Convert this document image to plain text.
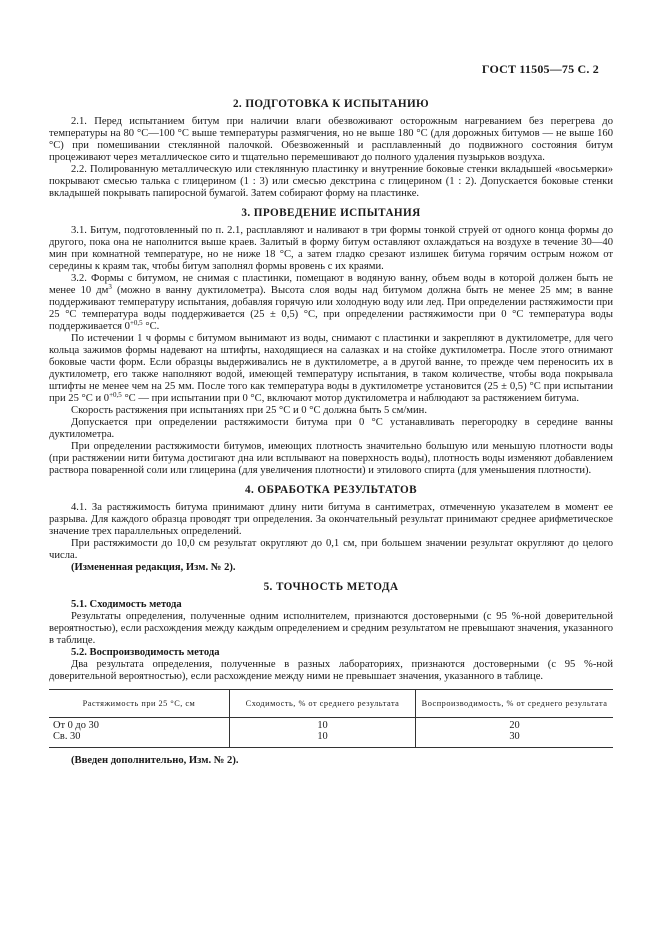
ГОСТ 11505—75 С. 2
2. ПОДГОТОВКА К ИСПЫТАНИЮ

2.1. Перед испытанием битум при наличии влаги обезвоживают осторожным нагреванием без перегрева до температуры на 80 °С—100 °С выше температуры размягчения, но не выше 180 °С (для дорожных битумов — не выше 160 °С) при помешивании стеклянной палочкой. Обезвоженный и расплавленный до подвижного состояния битум процеживают через металлическое сито и тщательно перемешивают до полного удаления пузырьков воздуха.

2.2. Полированную металлическую или стеклянную пластинку и внутренние боковые стенки вкладышей «восьмерки» покрывают смесью талька с глицерином (1 : 3) или смесью декстрина с глицерином (1 : 2). Допускается боковые стенки вкладышей покрывать папиросной бумагой. Затем собирают форму на пластинке.

3. ПРОВЕДЕНИЕ ИСПЫТАНИЯ

3.1. Битум, подготовленный по п. 2.1, расплавляют и наливают в три формы тонкой струей от одного конца формы до другого, пока она не наполнится выше краев. Залитый в форму битум оставляют охлаждаться на воздухе в течение 30—40 мин при комнатной температуре, но не ниже 18 °С, а затем гладко срезают излишек битума горячим острым ножом от середины к краям так, чтобы битум заполнял формы вровень с их краями.

3.2. Формы с битумом, не снимая с пластинки, помещают в водяную ванну, объем воды в которой должен быть не менее 10 $дм^3$ (можно в ванну дуктилометра). Высота слоя воды над битумом должна быть не менее 25 мм; в ванне поддерживают температуру испытания, добавляя горячую или холодную воду или лед. При определении растяжимости при 25 °С температура воды поддерживается (25 ± 0,5) °С, при определении растяжимости при 0 °С температура воды поддерживается $0^{+0,5}$ °С.

По истечении 1 ч формы с битумом вынимают из воды, снимают с пластинки и закрепляют в дуктилометре, для чего кольца зажимов формы надевают на штифты, находящиеся на салазках и на стойке дуктилометра. После этого отнимают боковые части форм. Если образцы выдерживались не в дуктилометре, а в другой ванне, то прежде чем переносить их в дуктилометр, его также наполняют водой, имеющей температуру испытания, в таком количестве, чтобы вода покрывала штифты не менее чем на 25 мм. После того как температура воды в дуктилометре установится (25 ± 0,5) °С при испытании при 25 °С и $0^{+0,5}$ °С — при испытании при 0 °С, включают мотор дуктилометра и наблюдают за растяжением битума.

Скорость растяжения при испытаниях при 25 °С и 0 °С должна быть 5 см/мин.

Допускается при определении растяжимости битума при 0 °С устанавливать перегородку в середине ванны дуктилометра.

При определении растяжимости битумов, имеющих плотность значительно большую или меньшую плотности воды (при растяжении нити битума достигают дна или всплывают на поверхность воды), плотность воды изменяют добавлением раствора поваренной соли или глицерина (для увеличения плотности) и этилового спирта (для уменьшения плотности).

4. ОБРАБОТКА РЕЗУЛЬТАТОВ

4.1. За растяжимость битума принимают длину нити битума в сантиметрах, отмеченную указателем в момент ее разрыва. Для каждого образца проводят три определения. За окончательный результат принимают среднее арифметическое значение трех параллельных определений.

При растяжимости до 10,0 см результат округляют до 0,1 см, при большем значении результат округляют до целого числа.

(Измененная редакция, Изм. № 2).

5. ТОЧНОСТЬ МЕТОДА
5.1. Сходимость метода

Результаты определения, полученные одним исполнителем, признаются достоверными (с 95 %-ной доверительной вероятностью), если расхождения между каждым определением и средним результатом не превышают значения, указанного в таблице.

5.2. Воспроизводимость метода

Два результата определения, полученные в разных лабораториях, признаются достоверными (с 95 %-ной доверительной вероятностью), если расхождение между ними не превышает значения, указанного в таблице.

Растяжимость при 25 °С, см	Сходимость, % от среднего результата	Воспроизводимость, % от среднего результата
От 0 до 30	10	20
Св. 30	10	30

(Введен дополнительно, Изм. № 2).
